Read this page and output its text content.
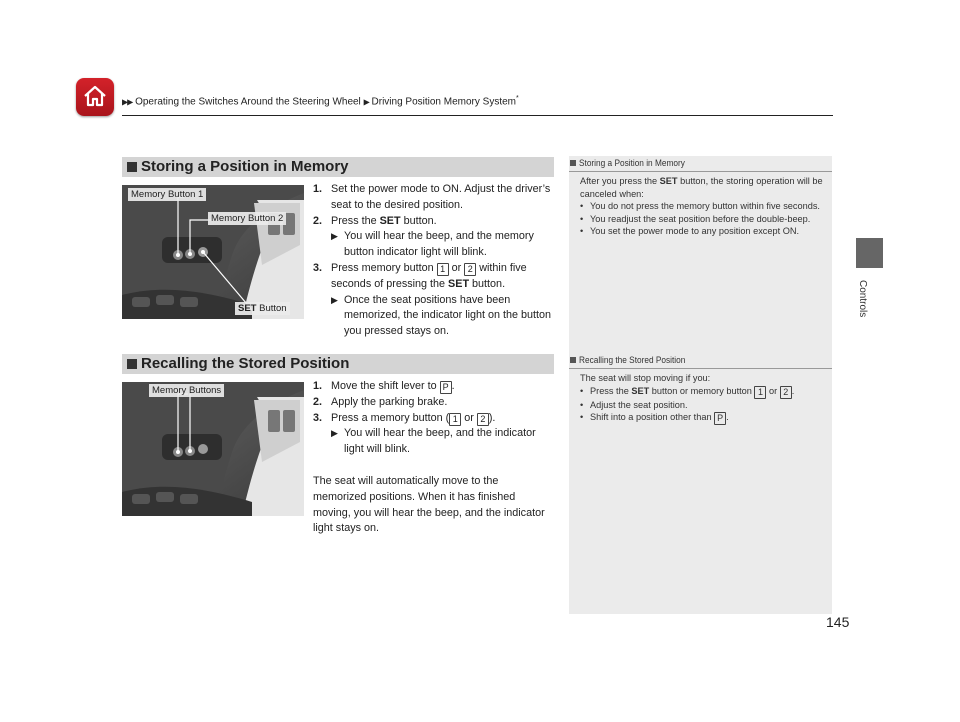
▶▶ Operating the Switches Around the Steering Wheel ▶ Driving Position Memory System*
Controls
Storing a Position in Memory
Memory Button 1
Memory Button 2
SET Button
1. Set the power mode to ON. Adjust the driver’s seat to the desired position.
2. Press the SET button.
▶ You will hear the beep, and the memory button indicator light will blink.
3. Press memory button 1 or 2 within five seconds of pressing the SET button.
▶ Once the seat positions have been memorized, the indicator light on the button you pressed stays on.
Storing a Position in Memory
After you press the SET button, the storing operation will be canceled when:
• You do not press the memory button within five seconds.
• You readjust the seat position before the double-beep.
• You set the power mode to any position except ON.
Recalling the Stored Position
Memory Buttons	1. Move the shift lever to P .
2. Apply the parking brake.
3. Press a memory button ( 1 or 2 ).
▶ You will hear the beep, and the indicator light will blink.
The seat will automatically move to the memorized positions. When it has finished moving, you will hear the beep, and the indicator light stays on.
Recalling the Stored Position
The seat will stop moving if you:
• Press the SET button or memory button 1 or 2 .
• Adjust the seat position.
• Shift into a position other than P .
145
